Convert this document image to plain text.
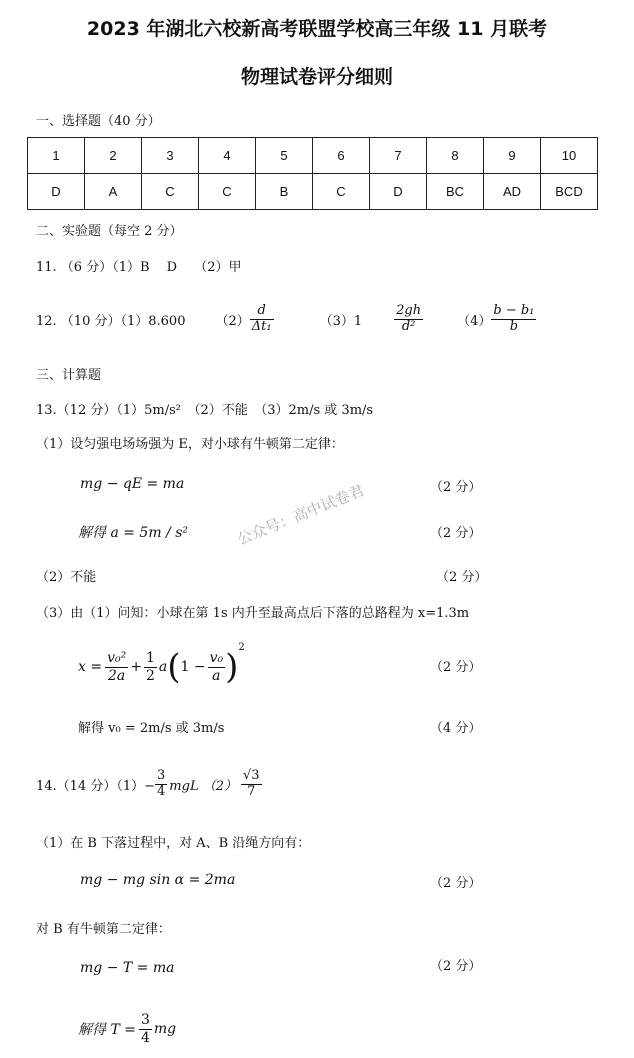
2023 年湖北六校新高考联盟学校高三年级 11 月联考
物理试卷评分细则
一、选择题（40 分）
1	2	3	4	5	6	7	8	9	10
D	A	C	C	B	C	D	BC	AD	BCD
二、实验题（每空 2 分）
11. （6 分）（1）B　 D　 （2）甲
12. （10 分）（1）8.600 $(2) \frac{d}{\text{Δt₁}}$	$(3)1 \frac{2gh}{\text{d²}}$	$(4) \frac{\text{b − b₁}}{b}$
三、计算题
13.（12 分）（1）5m/s²　（2）不能　（3）2m/s 或 3m/s
（1）设匀强电场场强为 E，对小球有牛顿第二定律：
mg − qE = ma	（2 分）
解得 a = 5m / s²	（2 分）
（2）不能	（2 分）
（3）由（1）问知：小球在第 1s 内升至最高点后下落的总路程为 x=1.3m
$x = \frac{\text{v₀²}}{2a} + \frac{1}{2}$ a ( $1 - \frac{\text{v₀}}{a}$ ) 2
（2 分）
解得 v₀ = 2m/s 或 3m/s	（4 分）
14.（14 分）$(1)- \frac{3}{4}$ mgL $(2) \frac{√3}{7}$
（1）在 B 下落过程中，对 A、B 沿绳方向有：
mg − mg sin α = 2ma	（2 分）
对 B 有牛顿第二定律：
mg − T = ma	（2 分）
解得 $T = \frac{3}{4}$ mg
公众号：高中试卷君
